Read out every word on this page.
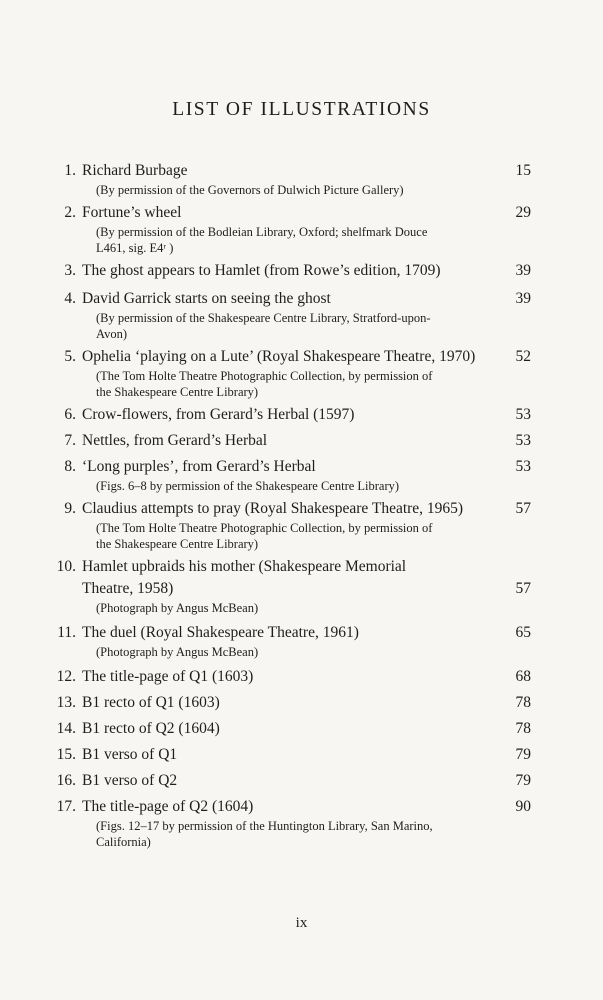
LIST OF ILLUSTRATIONS
1. Richard Burbage	15
(By permission of the Governors of Dulwich Picture Gallery)
2. Fortune’s wheel	29
(By permission of the Bodleian Library, Oxford; shelfmark Douce L461, sig. E4ʳ )
3. The ghost appears to Hamlet (from Rowe’s edition, 1709)	39
4. David Garrick starts on seeing the ghost	39
(By permission of the Shakespeare Centre Library, Stratford-upon-Avon)
5. Ophelia ‘playing on a Lute’ (Royal Shakespeare Theatre, 1970)	52
(The Tom Holte Theatre Photographic Collection, by permission of the Shakespeare Centre Library)
6. Crow-flowers, from Gerard’s Herbal (1597)	53
7. Nettles, from Gerard’s Herbal	53
8. ‘Long purples’, from Gerard’s Herbal	53
(Figs. 6–8 by permission of the Shakespeare Centre Library)
9. Claudius attempts to pray (Royal Shakespeare Theatre, 1965)	57
(The Tom Holte Theatre Photographic Collection, by permission of the Shakespeare Centre Library)
10. Hamlet upbraids his mother (Shakespeare Memorial Theatre, 1958)	57
(Photograph by Angus McBean)
11. The duel (Royal Shakespeare Theatre, 1961)	65
(Photograph by Angus McBean)
12. The title-page of Q1 (1603)	68
13. B1 recto of Q1 (1603)	78
14. B1 recto of Q2 (1604)	78
15. B1 verso of Q1	79
16. B1 verso of Q2	79
17. The title-page of Q2 (1604)	90
(Figs. 12–17 by permission of the Huntington Library, San Marino, California)
ix
